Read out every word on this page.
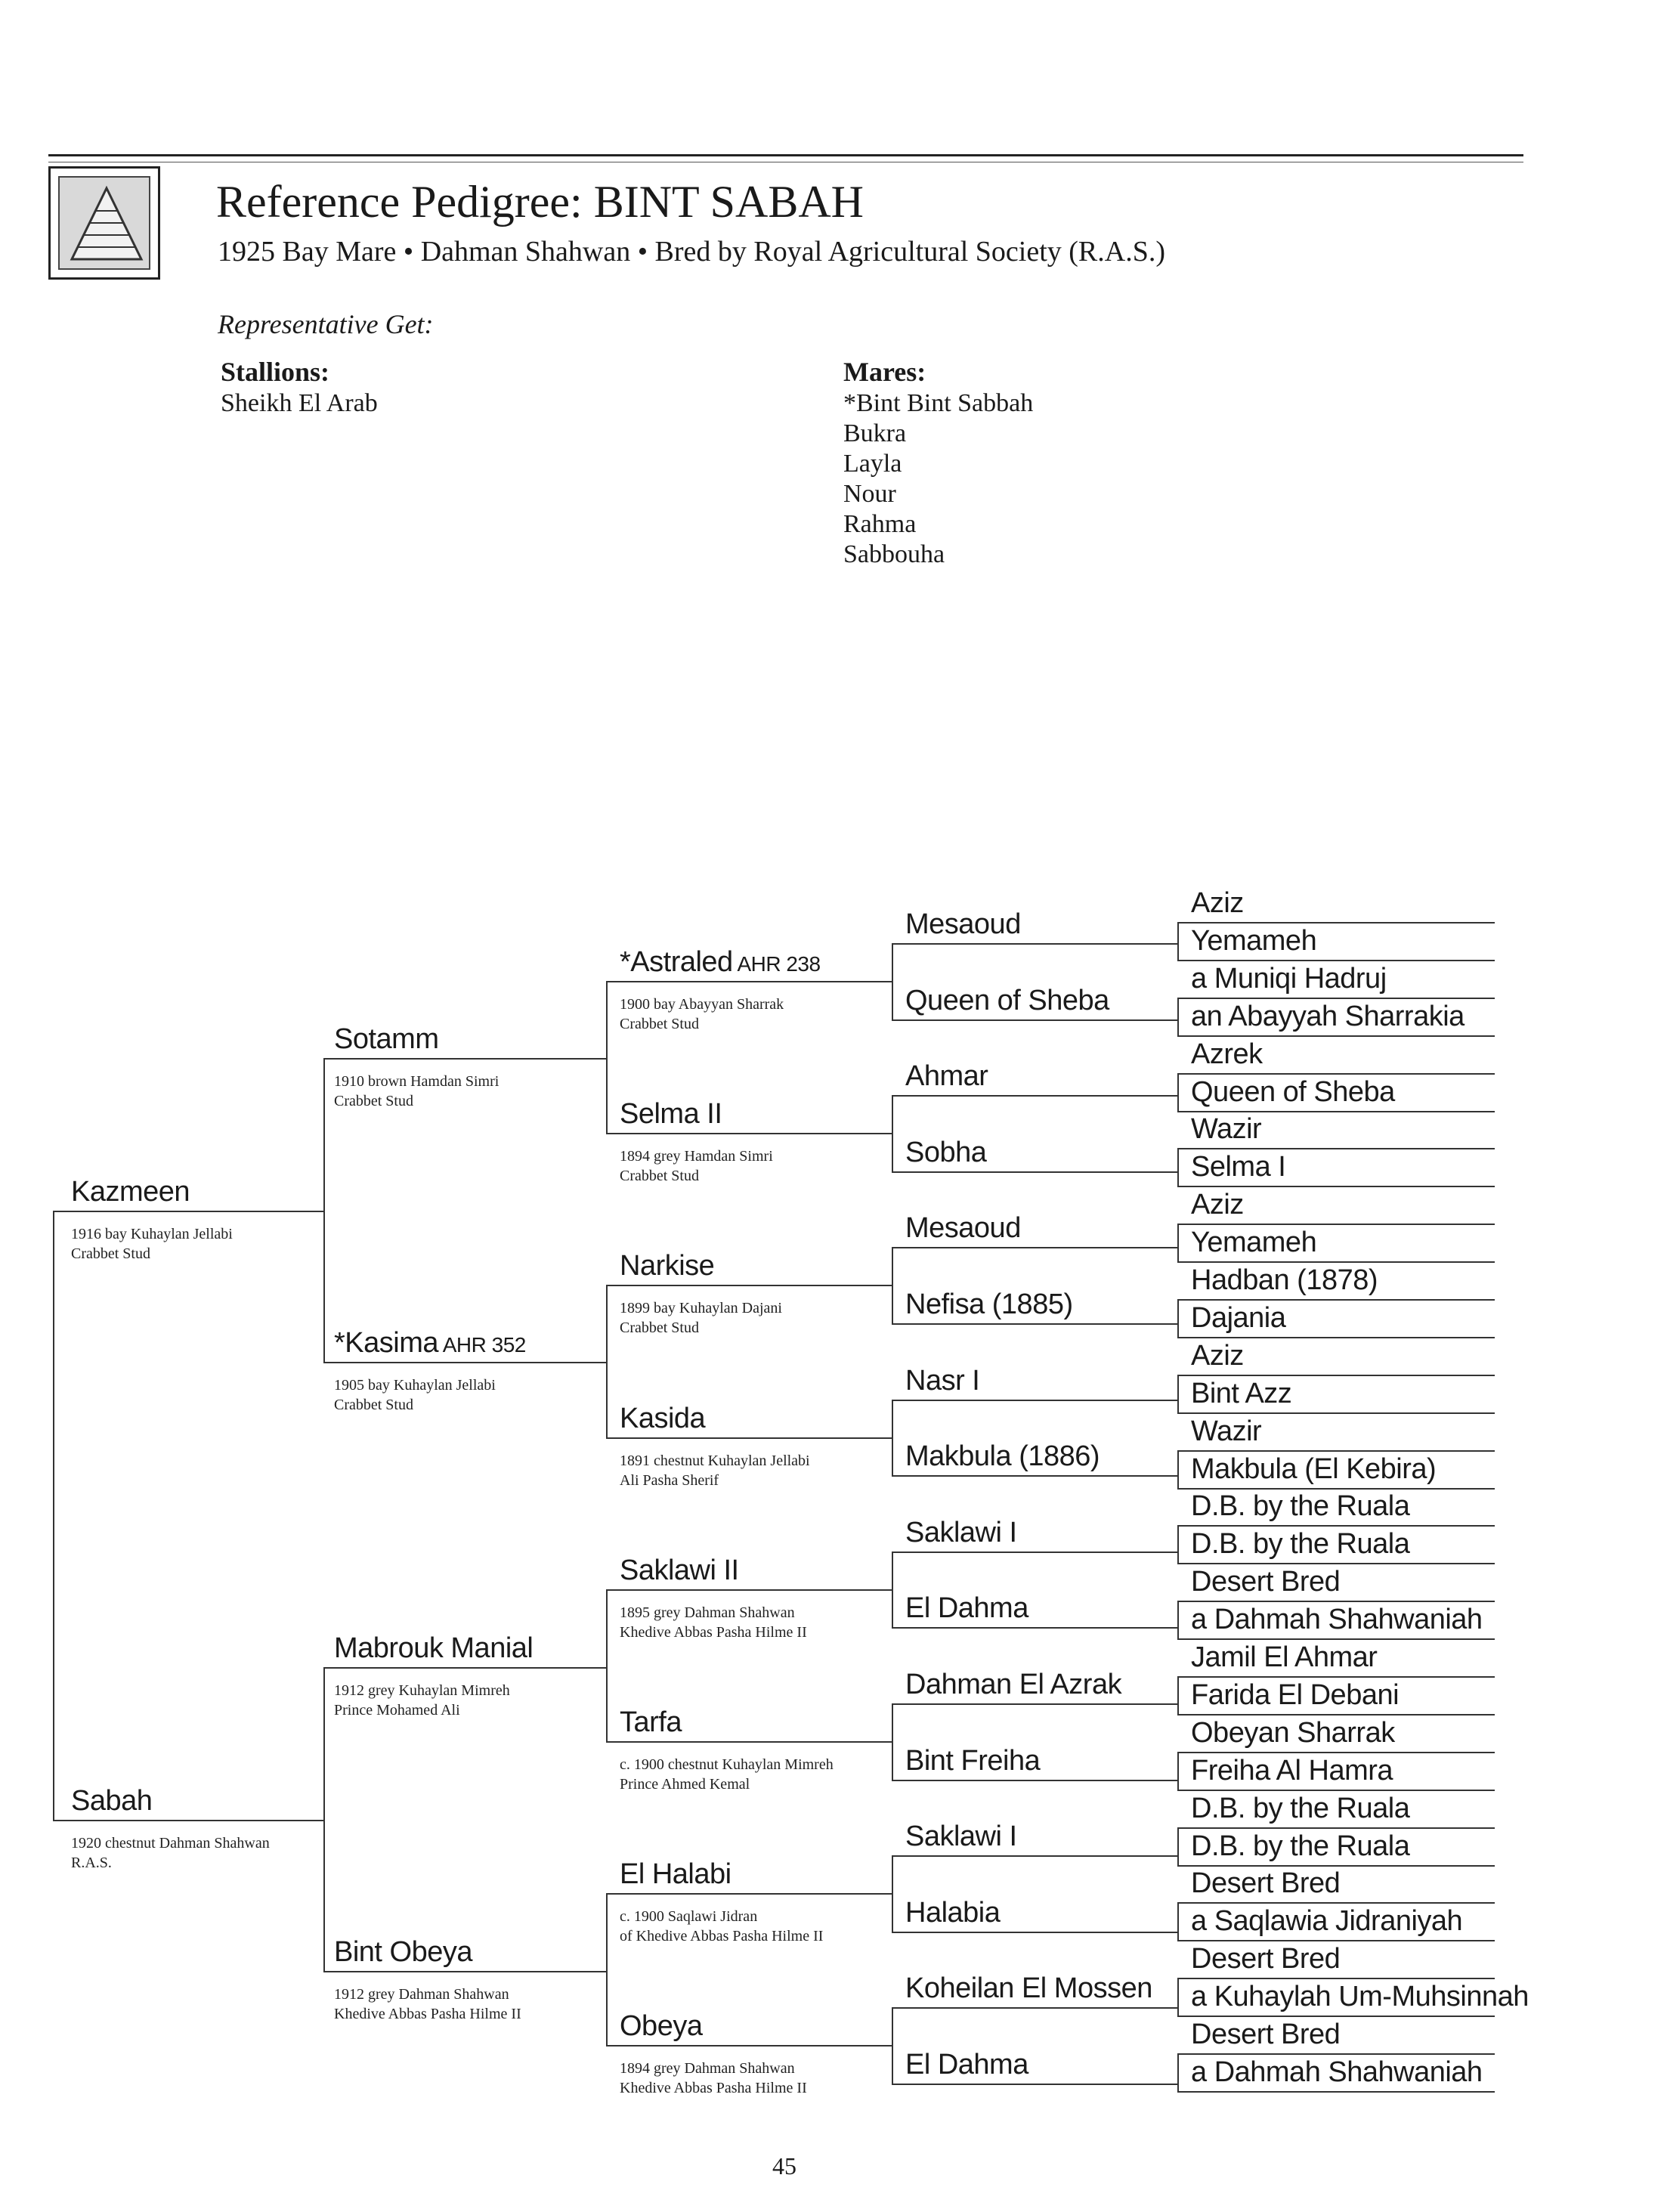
Reference Pedigree: BINT SABAH
1925 Bay Mare • Dahman Shahwan • Bred by Royal Agricultural Society (R.A.S.)
Representative Get:
Stallions:
Sheikh El Arab
Mares:
*Bint Bint Sabbah
Bukra
Layla
Nour
Rahma
Sabbouha
Aziz
Yemameh
a Muniqi Hadruj
an Abayyah Sharrakia
Azrek
Queen of Sheba
Wazir
Selma I
Aziz
Yemameh
Hadban (1878)
Dajania
Aziz
Bint Azz
Wazir
Makbula (El Kebira)
D.B. by the Ruala
D.B. by the Ruala
Desert Bred
a Dahmah Shahwaniah
Jamil El Ahmar
Farida El Debani
Obeyan Sharrak
Freiha Al Hamra
D.B. by the Ruala
D.B. by the Ruala
Desert Bred
a Saqlawia Jidraniyah
Desert Bred
a Kuhaylah Um-Muhsinnah
Desert Bred
a Dahmah Shahwaniah
Mesaoud
Queen of Sheba
Ahmar
Sobha
Mesaoud
Nefisa (1885)
Nasr I
Makbula (1886)
Saklawi I
El Dahma
Dahman El Azrak
Bint Freiha
Saklawi I
Halabia
Koheilan El Mossen
El Dahma
*Astraled AHR 238
1900 bay Abayyan Sharrak
Crabbet Stud
Selma II
1894 grey Hamdan Simri
Crabbet Stud
Narkise
1899 bay Kuhaylan Dajani
Crabbet Stud
Kasida
1891 chestnut Kuhaylan Jellabi
Ali Pasha Sherif
Saklawi II
1895 grey Dahman Shahwan
Khedive Abbas Pasha Hilme II
Tarfa
c. 1900 chestnut Kuhaylan Mimreh
Prince Ahmed Kemal
El Halabi
c. 1900 Saqlawi Jidran
of Khedive Abbas Pasha Hilme II
Obeya
1894 grey Dahman Shahwan
Khedive Abbas Pasha Hilme II
Sotamm
1910 brown Hamdan Simri
Crabbet Stud
*Kasima AHR 352
1905 bay Kuhaylan Jellabi
Crabbet Stud
Mabrouk Manial
1912 grey Kuhaylan Mimreh
Prince Mohamed Ali
Bint Obeya
1912 grey Dahman Shahwan
Khedive Abbas Pasha Hilme II
Kazmeen
1916 bay Kuhaylan Jellabi
Crabbet Stud
Sabah
1920 chestnut Dahman Shahwan
R.A.S.
45
